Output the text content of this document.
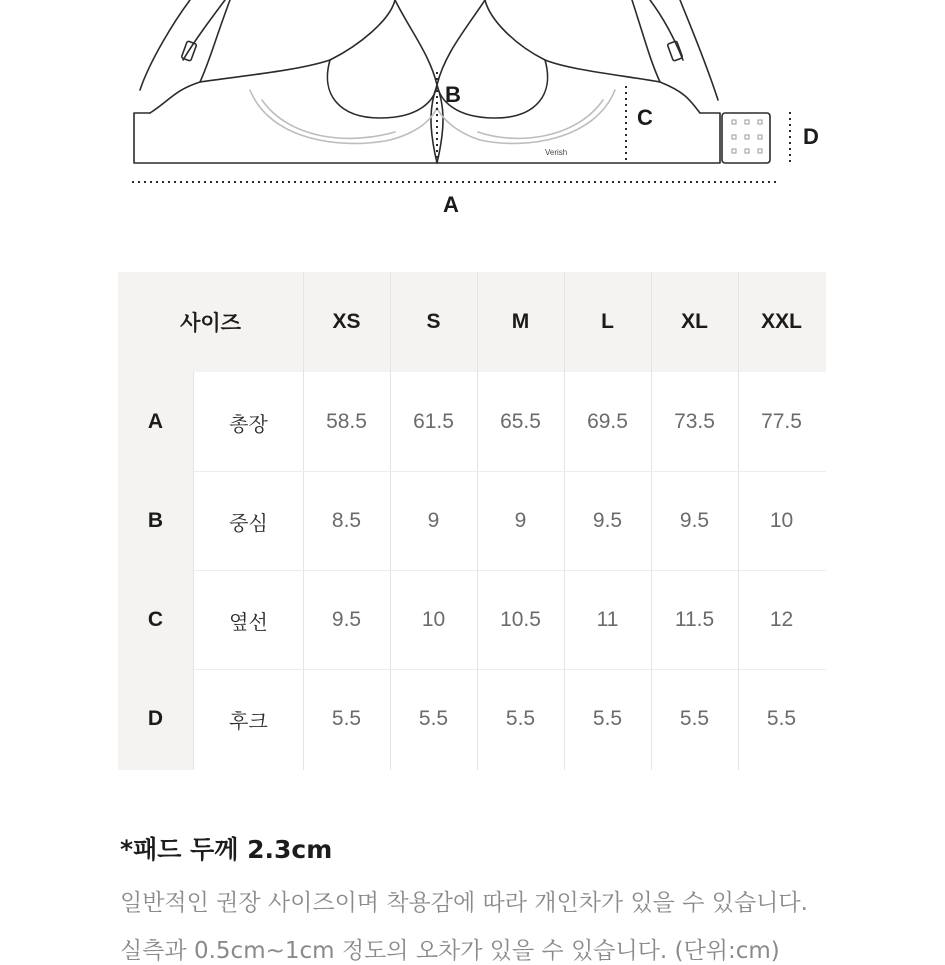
Verish
B
C
D
A
사이즈	XS	S	M	L	XL	XXL
A	총장	58.5	61.5	65.5	69.5	73.5	77.5
B	중심	8.5	9	9	9.5	9.5	10
C	옆선	9.5	10	10.5	11	11.5	12
D	후크	5.5	5.5	5.5	5.5	5.5	5.5
*패드 두께 2.3cm
일반적인 권장 사이즈이며 착용감에 따라 개인차가 있을 수 있습니다.
실측과 0.5cm~1cm 정도의 오차가 있을 수 있습니다. (단위:cm)
